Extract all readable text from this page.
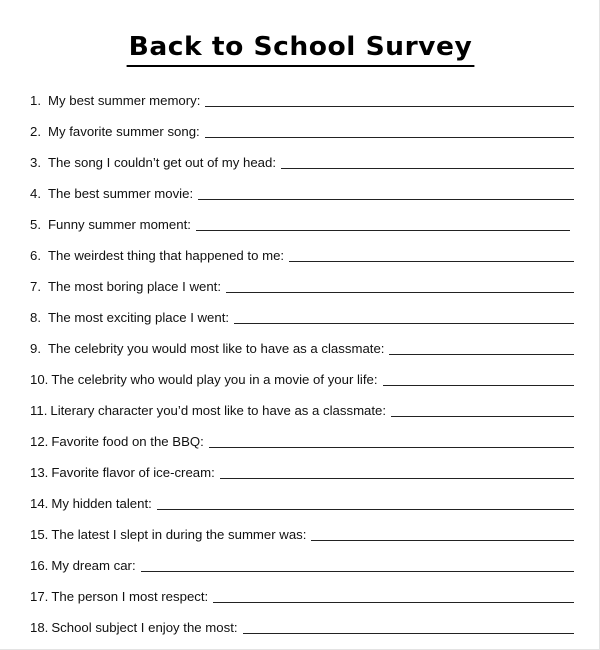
Back to School Survey
1. My best summer memory:
2. My favorite summer song:
3. The song I couldn’t get out of my head:
4. The best summer movie:
5. Funny summer moment:
6. The weirdest thing that happened to me:
7. The most boring place I went:
8. The most exciting place I went:
9. The celebrity you would most like to have as a classmate:
10. The celebrity who would play you in a movie of your life:
11. Literary character you’d most like to have as a classmate:
12. Favorite food on the BBQ:
13. Favorite flavor of ice-cream:
14. My hidden talent:
15. The latest I slept in during the summer was:
16. My dream car:
17. The person I most respect:
18. School subject I enjoy the most:
